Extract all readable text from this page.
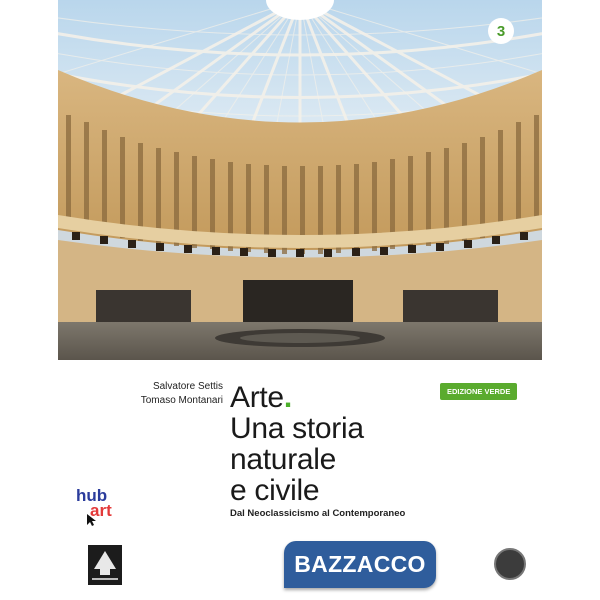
3
Salvatore Settis
Tomaso Montanari Arte.
Una storia
naturale
e civile
Dal Neoclassicismo al Contemporaneo
EDIZIONE VERDE
hub
art
BAZZACCO
